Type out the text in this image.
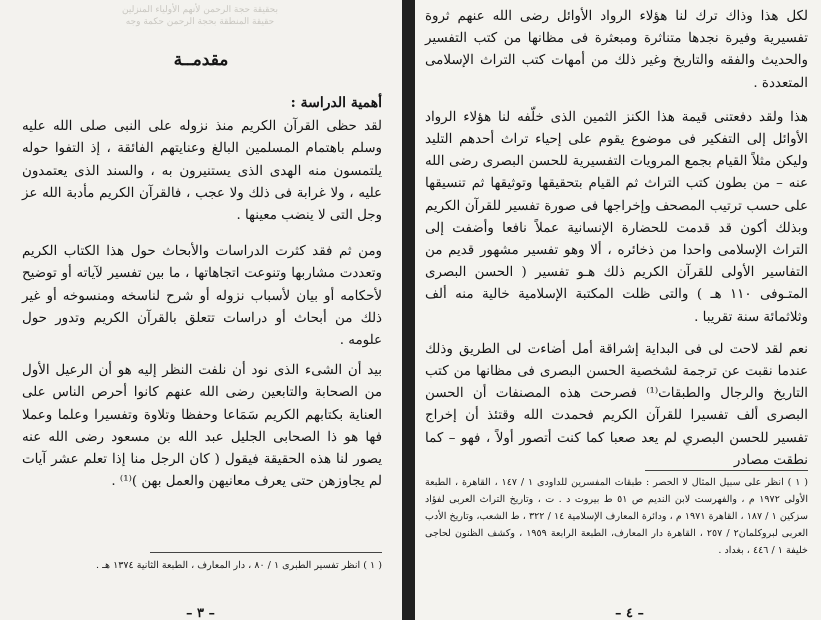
بحقيقة حجة الرحمن لأنهم الأولياء المنزلين حقيقة المنطقة بحجة الرحمن حكمة وجه
مقدمــة

أهمية الدراسة :

لقد حظى القرآن الكريم منذ نزوله على النبى صلى الله عليه وسلم باهتمام المسلمين البالغ وعنايتهم الفائقة ، إذ التفوا حوله يلتمسون منه الهدى الذى يستنيرون به ، والسند الذى يعتمدون عليه ، ولا غرابة فى ذلك ولا عجب ، فالقرآن الكريم مأدبة الله عز وجل التى لا ينضب معينها .

ومن ثم فقد كثرت الدراسات والأبحاث حول هذا الكتاب الكريم وتعددت مشاربها وتنوعت اتجاهاتها ، ما بين تفسير لآياته أو توضيح لأحكامه أو بيان لأسباب نزوله أو شرح لناسخه ومنسوخه أو غير ذلك من أبحاث أو دراسات تتعلق بالقرآن الكريم وتدور حول علومه .

بيد أن الشىء الذى نود أن نلفت النظر إليه هو أن الرعيل الأول من الصحابة والتابعين رضى الله عنهم كانوا أحرص الناس على العناية بكتابهم الكريم سَمَاعا وحفظا وتلاوة وتفسيرا وعلما وعملا فها هو ذا الصحابى الجليل عبد الله بن مسعود رضى الله عنه يصور لنا هذه الحقيقة فيقول ( كان الرجل منا إذا تعلم عشر آيات لم يجاوزهن حتى يعرف معانيهن والعمل بهن )⁽¹⁾ .

( ١ ) انظر تفسير الطبرى ١ / ٨٠ ، دار المعارف ، الطبعة الثانية ١٣٧٤ هـ .
– ٣ –

لكل هذا وذاك ترك لنا هؤلاء الرواد الأوائل رضى الله عنهم ثروة تفسيرية وفيرة نجدها متناثرة ومبعثرة فى مظانها من كتب التفسير والحديث والفقه والتاريخ وغير ذلك من أمهات كتب التراث الإسلامى المتعددة .

هذا ولقد دفعتنى قيمة هذا الكنز الثمين الذى خلّفه لنا هؤلاء الرواد الأوائل إلى التفكير فى موضوع يقوم على إحياء تراث أحدهم التليد وليكن مثلاً القيام بجمع المرويات التفسيرية للحسن البصرى رضى الله عنه – من بطون كتب التراث ثم القيام بتحقيقها وتوثيقها ثم تنسيقها على حسب ترتيب المصحف وإخراجها فى صورة تفسير للقرآن الكريم وبذلك أكون قد قدمت للحضارة الإنسانية عملاً نافعا وأضفت إلى التراث الإسلامى واحدا من ذخائره ، ألا وهو تفسير مشهور قديم من التفاسير الأولى للقرآن الكريم ذلك هـو تفسير ( الحسن البصرى المتـوفى ١١٠ هـ ) والتى ظلت المكتبة الإسلامية خالية منه ألف وثلاثمائة سنة تقريبا .

نعم لقد لاحت لى فى البداية إشراقة أمل أضاءت لى الطريق وذلك عندما نقبت عن ترجمة لشخصية الحسن البصرى فى مظانها من كتب التاريخ والرجال والطبقات⁽¹⁾ فصرحت هذه المصنفات أن الحسن البصرى ألف تفسيرا للقرآن الكريم فحمدت الله وقتئذ أن إخراج تفسير للحسن البصري لم يعد صعبا كما كنت أتصور أولاً ، فهو – كما نطقت مصادر

( ١ ) انظر على سبيل المثال لا الحصر : طبقات المفسرين للداودى ١ / ١٤٧ ، القاهرة ، الطبعة الأولى ١٩٧٢ م ، والفهرست لابن النديم ص ٥١ ط بيروت د . ت ، وتاريخ التراث العربى لفؤاد سزكين ١ / ١٨٧ ، القاهرة ١٩٧١ م ، ودائرة المعارف الإسلامية ١٤ / ٣٢٢ ، ط الشعب، وتاريخ الأدب العربى لبروكلمان٢ / ٢٥٧ ، القاهرة دار المعارف، الطبعة الرابعة ١٩٥٩ ، وكشف الظنون لحاجى خليفة ١ / ٤٤٦ ، بغداد .
– ٤ –
